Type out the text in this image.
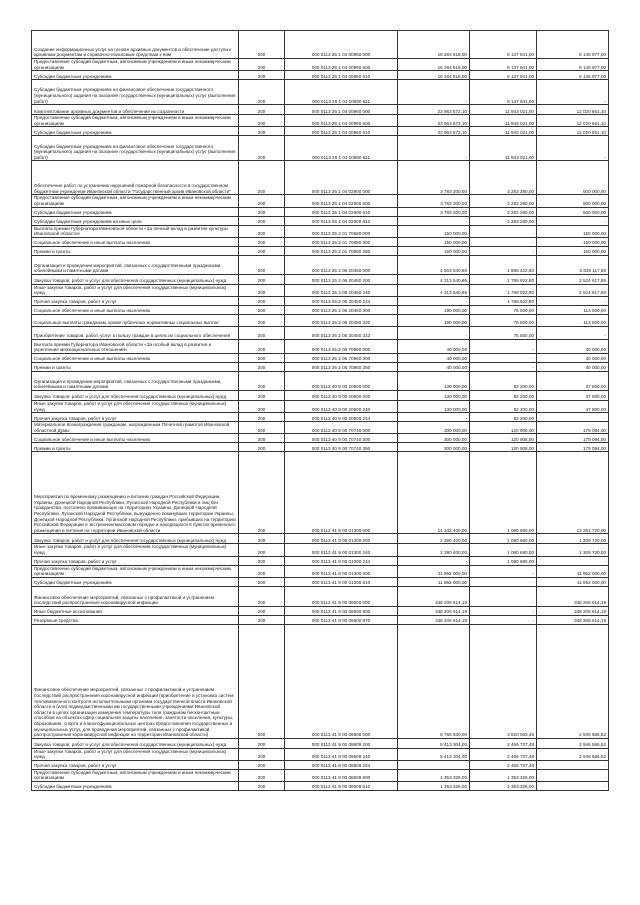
Создание информационных услуг на основе архивных документов и обеспечение доступа к архивным документам и справочно-поисковым средствам к ним	200	000 0113 25 1 04 00950 000	16 284 918,00	8 137 941,00	8 146 977,00
Предоставление субсидий бюджетным, автономным учреждениям и иным некоммерческим организациям	200	000 0113 25 1 04 00950 600	16 284 918,00	8 137 941,00	8 146 977,00
Субсидии бюджетным учреждениям	200	000 0113 25 1 04 00950 610	16 284 918,00	8 137 941,00	8 146 977,00
Субсидии бюджетным учреждениям на финансовое обеспечение государственного (муниципального) задания на оказание государственных (муниципальных) услуг (выполнение работ)	200	000 0113 25 1 04 00950 611	-	8 137 941,00	-
Комплектование архивных документов и обеспечение их сохранности	200	000 0113 25 1 04 00960 000	23 963 672,10	11 943 021,00	12 020 651,10
Предоставление субсидий бюджетным, автономным учреждениям и иным некоммерческим организациям	200	000 0113 25 1 04 00960 600	23 963 672,10	11 943 021,00	12 020 651,10
Субсидии бюджетным учреждениям	200	000 0113 25 1 04 00960 610	23 963 672,10	11 943 021,00	12 020 651,10
Субсидии бюджетным учреждениям на финансовое обеспечение государственного (муниципального) задания на оказание государственных (муниципальных) услуг (выполнение работ)	200	000 0113 25 1 04 00960 611	-	11 943 021,00	-
Обеспечение работ по устранению нарушений пожарной безопасности в государственном бюджетном учреждении Ивановской области "Государственный архив Ивановской области"	200	000 0113 25 1 04 02900 000	3 783 200,00	3 283 280,00	500 000,00
Предоставление субсидий бюджетным, автономным учреждениям и иным некоммерческим организациям	200	000 0113 25 1 04 02900 600	3 783 200,00	3 283 280,00	500 000,00
Субсидии бюджетным учреждениям	200	000 0113 25 1 04 02900 610	3 783 200,00	3 283 280,00	500 000,00
Субсидии бюджетным учреждениям на иные цели	200	000 0113 25 1 04 02900 612	-	3 283 280,00	-
Выплата премии Губернатора Ивановской области «За личный вклад в развитие культуры Ивановской области»	200	000 0113 25 2 01 70680 000	150 000,00	-	150 000,00
Социальное обеспечение и иные выплаты населению	200	000 0113 25 2 01 70680 300	150 000,00	-	150 000,00
Премии и гранты	200	000 0113 25 2 01 70680 350	150 000,00	-	150 000,00
Организация и проведение мероприятий, связанных с государственными праздниками, юбилейными и памятными датами	200	000 0113 25 2 06 20460 000	4 503 540,66	1 865 422,80	2 638 117,86
Закупка товаров, работ и услуг для обеспечения государственных (муниципальных) нужд	200	000 0113 25 2 06 20460 200	4 313 540,66	1 788 922,80	2 524 617,86
Иные закупки товаров, работ и услуг для обеспечения государственных (муниципальных) нужд	200	000 0113 25 2 06 20460 240	4 313 540,66	1 788 922,80	2 524 617,86
Прочая закупка товаров, работ и услуг	200	000 0113 25 2 06 20460 244	-	1 788 922,80	-
Социальное обеспечение и иные выплаты населению	200	000 0113 25 2 06 20460 300	190 000,00	76 500,00	113 500,00
Социальные выплаты гражданам, кроме публичных нормативных социальных выплат	200	000 0113 25 2 06 20460 320	190 000,00	76 500,00	113 500,00
Приобретение товаров, работ, услуг в пользу граждан в целях их социального обеспечения	200	000 0113 25 2 06 20460 323	-	76 500,00	-
Выплата премии Губернатора Ивановской области «За особый вклад в развитие и укрепление межнациональных отношений»	200	000 0113 25 2 06 70960 000	40 000,00	-	40 000,00
Социальное обеспечение и иные выплаты населению	200	000 0113 25 2 06 70960 300	40 000,00	-	40 000,00
Премии и гранты	200	000 0113 25 2 06 70960 350	40 000,00	-	40 000,00
Организация и проведение мероприятий, связанных с государственными праздниками, юбилейными и памятными датами	200	000 0113 40 9 00 20500 000	130 000,00	82 200,00	47 800,00
Закупка товаров, работ и услуг для обеспечения государственных (муниципальных) нужд	200	000 0113 40 9 00 20500 200	130 000,00	82 200,00	47 800,00
Иные закупки товаров, работ и услуг для обеспечения государственных (муниципальных) нужд	200	000 0113 40 9 00 20500 240	130 000,00	82 200,00	47 800,00
Прочая закупка товаров, работ и услуг	200	000 0113 40 9 00 20500 244	-	82 200,00	-
Материальное вознаграждение гражданам, награжденным Почетной грамотой Ивановской областной Думы	200	000 0113 40 9 00 70740 000	300 000,00	120 906,00	179 094,00
Социальное обеспечение и иные выплаты населению	200	000 0113 40 9 00 70740 300	300 000,00	120 906,00	179 094,00
Премии и гранты	200	000 0113 40 9 00 70740 350	300 000,00	120 906,00	179 094,00
Мероприятия по временному размещению и питанию граждан Российской Федерации, Украины, Донецкой Народной Республики, Луганской Народной Республики и лиц без гражданства, постоянно проживающих на территориях Украины, Донецкой Народной Республики, Луганской Народной Республики, вынужденно покинувших территории Украины, Донецкой Народной Республики, Луганской Народной Республики, прибывших на территорию Российской Федерации в экстренном массовом порядке и находящихся в пунктах временного размещения и питания на территории Ивановской области	200	000 0113 41 9 00 01300 000	14 342 400,00	1 080 680,00	13 261 720,00
Закупка товаров, работ и услуг для обеспечения государственных (муниципальных) нужд	200	000 0113 41 9 00 01300 200	2 390 400,00	1 080 680,00	1 309 720,00
Иные закупки товаров, работ и услуг для обеспечения государственных (муниципальных) нужд	200	000 0113 41 9 00 01300 240	2 390 400,00	1 080 680,00	1 309 720,00
Прочая закупка товаров, работ и услуг	200	000 0113 41 9 00 01300 244	-	1 080 680,00	-
Предоставление субсидий бюджетным, автономным учреждениям и иным некоммерческим организациям	200	000 0113 41 9 00 01300 600	11 952 000,00	-	11 952 000,00
Субсидии бюджетным учреждениям	200	000 0113 41 9 00 01300 610	11 952 000,00	-	11 952 000,00
Финансовое обеспечение мероприятий, связанных с профилактикой и устранением последствий распространения коронавирусной инфекции	200	000 0113 41 9 00 08600 000	348 206 614,19	-	348 206 614,19
Иные бюджетные ассигнования	200	000 0113 41 9 00 08600 800	348 206 614,19	-	348 206 614,19
Резервные средства	200	000 0113 41 9 00 08600 870	348 206 614,19	-	348 206 614,19
Финансовое обеспечение мероприятий, связанных с профилактикой и устранением последствий распространения коронавирусной инфекции (приобретение и установка систем тепловизионного контроля исполнительными органами государственной власти Ивановской области и (или) подведомственными им государственными учреждениями Ивановской области в целях организации измерения температуры тела гражданам бесконтактным способом на объектах сфер социальной защиты населения, занятости населения, культуры, образования, спорта и в многофункциональных центрах предоставления государственных и муниципальных услуг, для проведения мероприятий, связанных с профилактикой распространения коронавирусной инфекции на территории Ивановской области)	200	000 0113 41 9 00 08609 000	6 766 630,00	3 820 063,48	2 946 566,52
Закупка товаров, работ и услуг для обеспечения государственных (муниципальных) нужд	200	000 0113 41 9 00 08609 200	5 413 304,00	2 466 737,48	2 946 566,52
Иные закупки товаров, работ и услуг для обеспечения государственных (муниципальных) нужд	200	000 0113 41 9 00 08609 240	5 413 304,00	2 466 737,48	2 946 566,52
Прочая закупка товаров, работ и услуг	200	000 0113 41 9 00 08609 244	-	2 466 737,48	-
Предоставление субсидий бюджетным, автономным учреждениям и иным некоммерческим организациям	200	000 0113 41 9 00 08609 600	1 353 326,00	1 353 326,00	-
Субсидии бюджетным учреждениям	200	000 0113 41 9 00 08609 610	1 353 326,00	1 353 326,00	-
